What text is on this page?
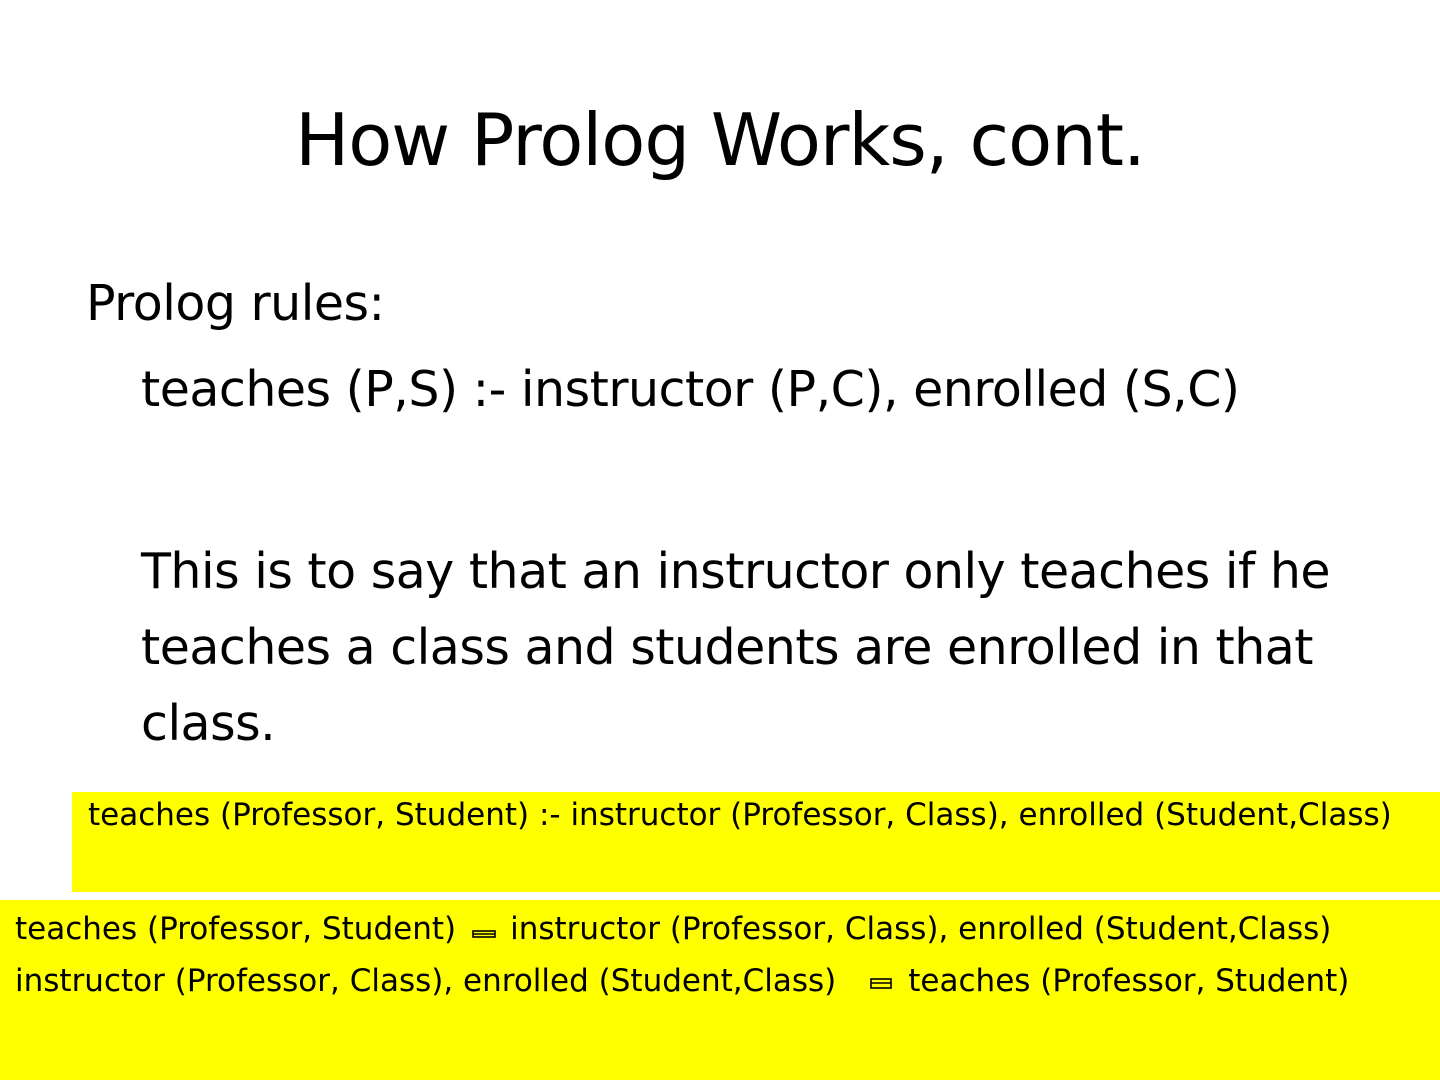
How Prolog Works, cont.

Prolog rules:

teaches (P,S) :- instructor (P,C), enrolled (S,C)

This is to say that an instructor only teaches if he teaches a class and students are enrolled in that class.

teaches (Professor, Student) :- instructor (Professor, Class), enrolled (Student,Class)

teaches (Professor, Student) instructor (Professor, Class), enrolled (Student,Class)

instructor (Professor, Class), enrolled (Student,Class) teaches (Professor, Student)
